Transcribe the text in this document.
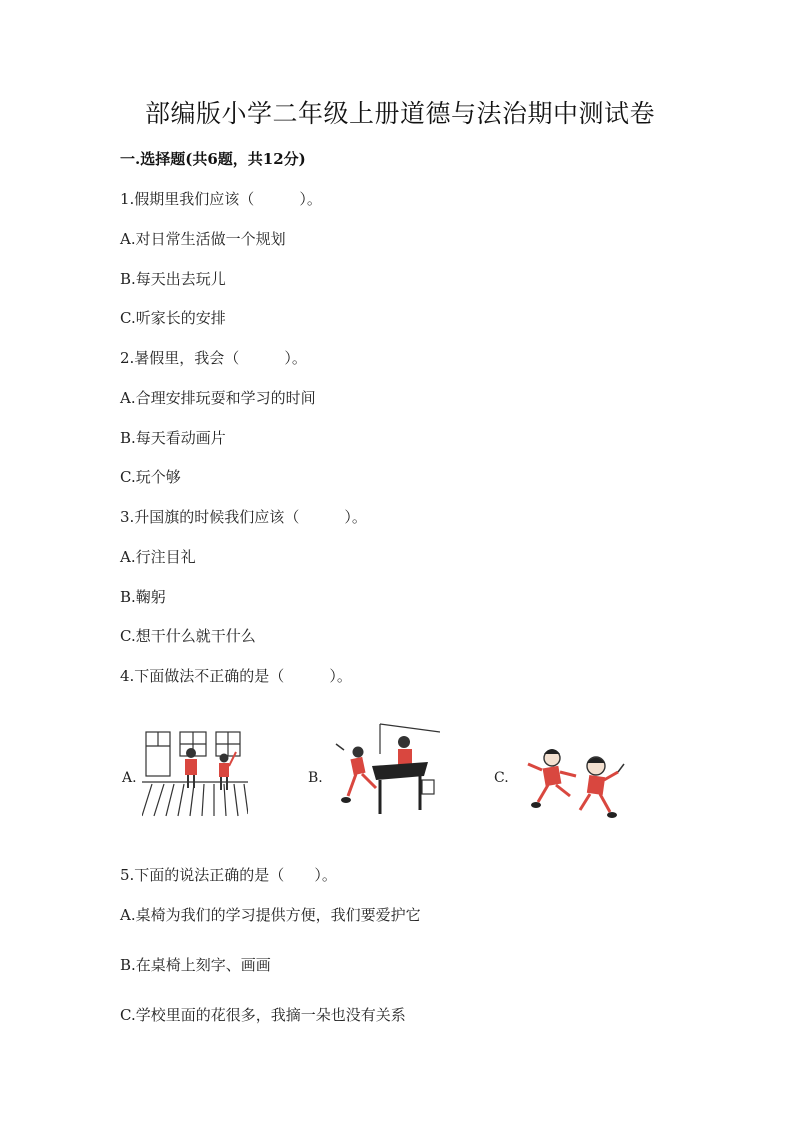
部编版小学二年级上册道德与法治期中测试卷
一.选择题(共6题，共12分)
1.假期里我们应该（　　　）。
A.对日常生活做一个规划
B.每天出去玩儿
C.听家长的安排
2.暑假里，我会（　　　）。
A.合理安排玩耍和学习的时间
B.每天看动画片
C.玩个够
3.升国旗的时候我们应该（　　　）。
A.行注目礼
B.鞠躬
C.想干什么就干什么
4.下面做法不正确的是（　　　）。
A.	B.	C.
5.下面的说法正确的是（　　）。
A.桌椅为我们的学习提供方便，我们要爱护它
B.在桌椅上刻字、画画
C.学校里面的花很多，我摘一朵也没有关系
